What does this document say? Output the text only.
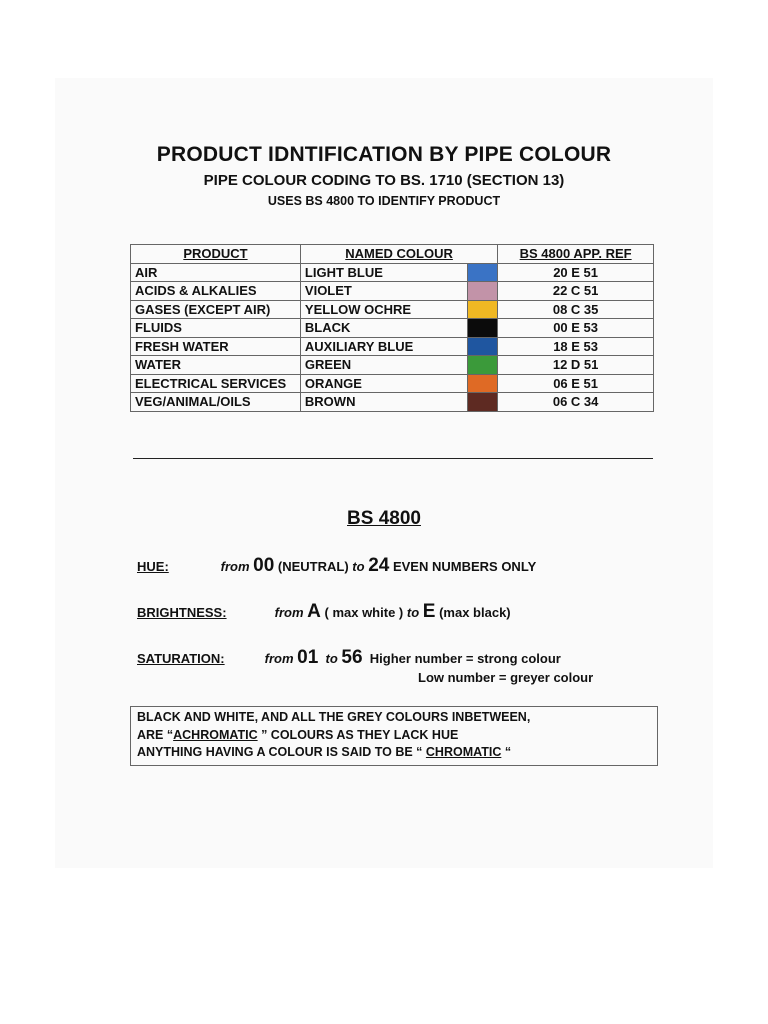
PRODUCT IDNTIFICATION BY PIPE COLOUR
PIPE COLOUR CODING TO BS. 1710 (SECTION 13)
USES BS 4800 TO IDENTIFY PRODUCT
PRODUCT	NAMED COLOUR		BS 4800 APP. REF
AIR	LIGHT BLUE		20 E 51
ACIDS & ALKALIES	VIOLET		22 C 51
GASES (EXCEPT AIR)	YELLOW OCHRE		08 C 35
FLUIDS	BLACK		00 E 53
FRESH WATER	AUXILIARY BLUE		18 E 53
WATER	GREEN		12 D 51
ELECTRICAL SERVICES	ORANGE		06 E 51
VEG/ANIMAL/OILS	BROWN		06 C 34
BS 4800
HUE:	from 00 (NEUTRAL) to 24 EVEN NUMBERS ONLY
BRIGHTNESS:	from A ( max white ) to E (max black)
SATURATION:	from 01 to 56 Higher number = strong colour
Low number = greyer colour
BLACK AND WHITE, AND ALL THE GREY COLOURS INBETWEEN,
ARE “ACHROMATIC ” COLOURS AS THEY LACK HUE
ANYTHING HAVING A COLOUR IS SAID TO BE “ CHROMATIC “
